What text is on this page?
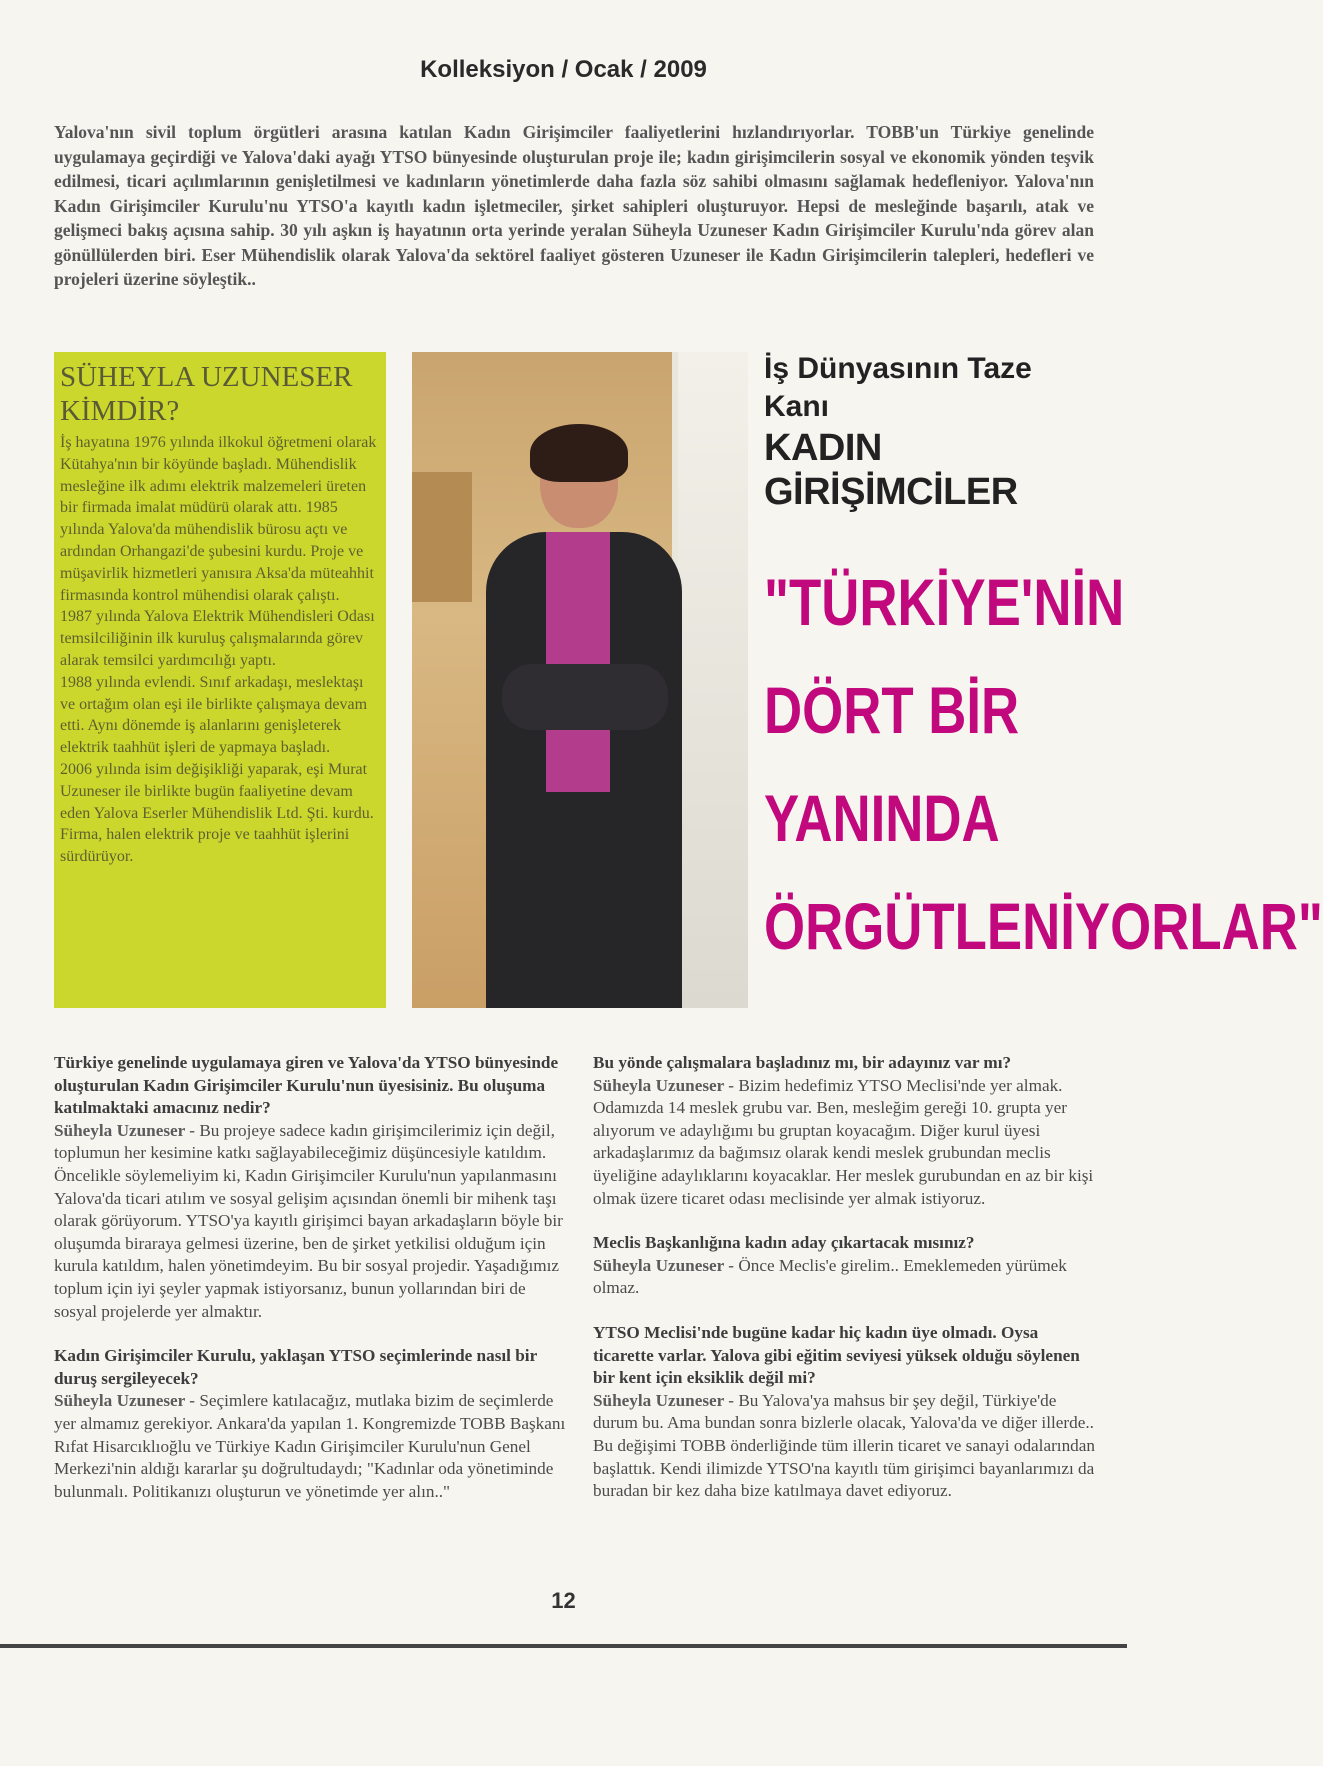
Kolleksiyon / Ocak / 2009
Yalova'nın sivil toplum örgütleri arasına katılan Kadın Girişimciler faaliyetlerini hızlandırıyorlar. TOBB'un Türkiye genelinde uygulamaya geçirdiği ve Yalova'daki ayağı YTSO bünyesinde oluşturulan proje ile; kadın girişimcilerin sosyal ve ekonomik yönden teşvik edilmesi, ticari açılımlarının genişletilmesi ve kadınların yönetimlerde daha fazla söz sahibi olmasını sağlamak hedefleniyor. Yalova'nın Kadın Girişimciler Kurulu'nu YTSO'a kayıtlı kadın işletmeciler, şirket sahipleri oluşturuyor. Hepsi de mesleğinde başarılı, atak ve gelişmeci bakış açısına sahip. 30 yılı aşkın iş hayatının orta yerinde yeralan Süheyla Uzuneser Kadın Girişimciler Kurulu'nda görev alan gönüllülerden biri. Eser Mühendislik olarak Yalova'da sektörel faaliyet gösteren Uzuneser ile Kadın Girişimcilerin talepleri, hedefleri ve projeleri üzerine söyleştik..
SÜHEYLA UZUNESER KİMDİR?

İş hayatına 1976 yılında ilkokul öğretmeni olarak Kütahya'nın bir köyünde başladı. Mühendislik mesleğine ilk adımı elektrik malzemeleri üreten bir firmada imalat müdürü olarak attı. 1985 yılında Yalova'da mühendislik bürosu açtı ve ardından Orhangazi'de şubesini kurdu. Proje ve müşavirlik hizmetleri yanısıra Aksa'da müteahhit firmasında kontrol mühendisi olarak çalıştı.

1987 yılında Yalova Elektrik Mühendisleri Odası temsilciliğinin ilk kuruluş çalışmalarında görev alarak temsilci yardımcılığı yaptı.

1988 yılında evlendi. Sınıf arkadaşı, meslektaşı ve ortağım olan eşi ile birlikte çalışmaya devam etti. Aynı dönemde iş alanlarını genişleterek elektrik taahhüt işleri de yapmaya başladı.

2006 yılında isim değişikliği yaparak, eşi Murat Uzuneser ile birlikte bugün faaliyetine devam eden Yalova Eserler Mühendislik Ltd. Şti. kurdu. Firma, halen elektrik proje ve taahhüt işlerini sürdürüyor.

İş Dünyasının Taze Kanı
KADIN GİRİŞİMCİLER
"TÜRKİYE'NİN
DÖRT BİR
YANINDA
ÖRGÜTLENİYORLAR"
Türkiye genelinde uygulamaya giren ve Yalova'da YTSO bünyesinde oluşturulan Kadın Girişimciler Kurulu'nun üyesisiniz. Bu oluşuma katılmaktaki amacınız nedir?
Süheyla Uzuneser - Bu projeye sadece kadın girişimcilerimiz için değil, toplumun her kesimine katkı sağlayabileceğimiz düşüncesiyle katıldım. Öncelikle söylemeliyim ki, Kadın Girişimciler Kurulu'nun yapılanmasını Yalova'da ticari atılım ve sosyal gelişim açısından önemli bir mihenk taşı olarak görüyorum. YTSO'ya kayıtlı girişimci bayan arkadaşların böyle bir oluşumda biraraya gelmesi üzerine, ben de şirket yetkilisi olduğum için kurula katıldım, halen yönetimdeyim. Bu bir sosyal projedir. Yaşadığımız toplum için iyi şeyler yapmak istiyorsanız, bunun yollarından biri de sosyal projelerde yer almaktır.
Kadın Girişimciler Kurulu, yaklaşan YTSO seçimlerinde nasıl bir duruş sergileyecek?
Süheyla Uzuneser - Seçimlere katılacağız, mutlaka bizim de seçimlerde yer almamız gerekiyor. Ankara'da yapılan 1. Kongremizde TOBB Başkanı Rıfat Hisarcıklıoğlu ve Türkiye Kadın Girişimciler Kurulu'nun Genel Merkezi'nin aldığı kararlar şu doğrultudaydı; "Kadınlar oda yönetiminde bulunmalı. Politikanızı oluşturun ve yönetimde yer alın.."
Bu yönde çalışmalara başladınız mı, bir adayınız var mı?
Süheyla Uzuneser - Bizim hedefimiz YTSO Meclisi'nde yer almak. Odamızda 14 meslek grubu var. Ben, mesleğim gereği 10. grupta yer alıyorum ve adaylığımı bu gruptan koyacağım. Diğer kurul üyesi arkadaşlarımız da bağımsız olarak kendi meslek grubundan meclis üyeliğine adaylıklarını koyacaklar. Her meslek gurubundan en az bir kişi olmak üzere ticaret odası meclisinde yer almak istiyoruz.
Meclis Başkanlığına kadın aday çıkartacak mısınız?
Süheyla Uzuneser - Önce Meclis'e girelim.. Emeklemeden yürümek olmaz.
YTSO Meclisi'nde bugüne kadar hiç kadın üye olmadı. Oysa ticarette varlar. Yalova gibi eğitim seviyesi yüksek olduğu söylenen bir kent için eksiklik değil mi?
Süheyla Uzuneser - Bu Yalova'ya mahsus bir şey değil, Türkiye'de durum bu. Ama bundan sonra bizlerle olacak, Yalova'da ve diğer illerde.. Bu değişimi TOBB önderliğinde tüm illerin ticaret ve sanayi odalarından başlattık. Kendi ilimizde YTSO'na kayıtlı tüm girişimci bayanlarımızı da buradan bir kez daha bize katılmaya davet ediyoruz.
12
